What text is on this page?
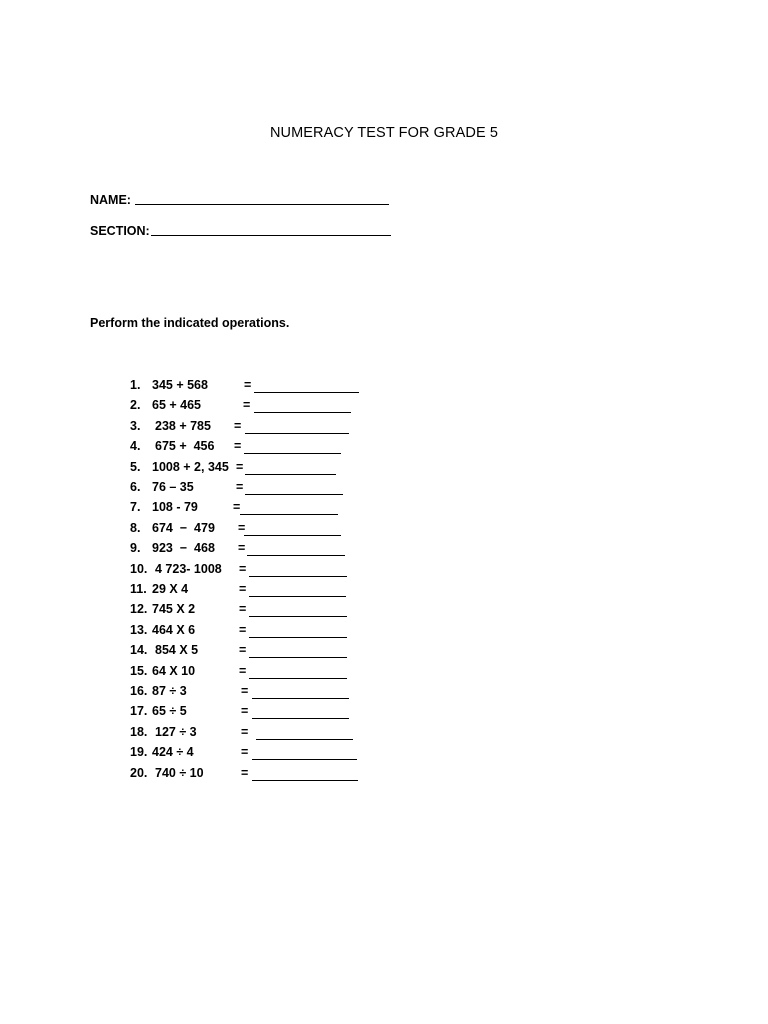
NUMERACY TEST FOR GRADE 5
NAME:
SECTION:
Perform the indicated operations.
1. 345 + 568	=
2. 65 + 465	=
3. 238 + 785 =
4. 675 +  456 =
5. 1008 + 2, 345 =
6. 76 – 35	=
7. 108 - 79	=
8. 674  −  479 =
9. 923  −  468 =
10. 4 723- 1008 =
11. 29 X 4	=
12. 745 X 2	=
13. 464 X 6	=
14. 854 X 5	=
15. 64 X 10	=
16. 87 ÷ 3	=
17. 65 ÷ 5	=
18. 127 ÷ 3	=
19. 424 ÷ 4	=
20. 740 ÷ 10	=
